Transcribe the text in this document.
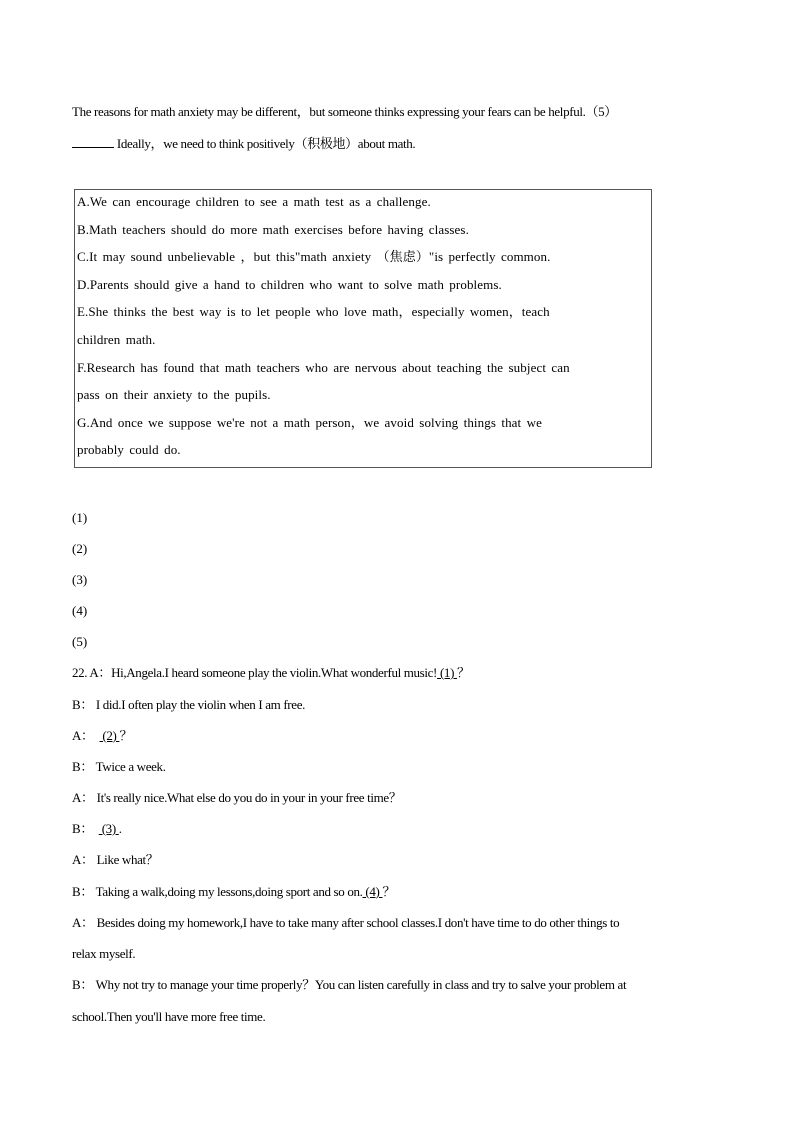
The reasons for math anxiety may be different，but someone thinks expressing your fears can be helpful.（5）
Ideally，we need to think positively（积极地）about math.
A.We can encourage children to see a math test as a challenge.
B.Math teachers should do more math exercises before having classes.
C.It may sound unbelievable ，but this"math anxiety （焦虑）"is perfectly common.
D.Parents should give a hand to children who want to solve math problems.
E.She thinks the best way is to let people who love math，especially women，teach
children math.
F.Research has found that math teachers who are nervous about teaching the subject can
pass on their anxiety to the pupils.
G.And once we suppose we're not a math person，we avoid solving things that we
probably could do.
(1)
(2)
(3)
(4)
(5)
22. A：Hi,Angela.I heard someone play the violin.What wonderful music! (1) ？
B： I did.I often play the violin when I am free.
A：   (2) ？
B： Twice a week.
A： It's really nice.What else do you do in your in your free time？
B：   (3) .
A： Like what？
B： Taking a walk,doing my lessons,doing sport and so on. (4) ？
A： Besides doing my homework,I have to take many after school classes.I don't have time to do other things to
relax myself.
B： Why not try to manage your time properly？You can listen carefully in class and try to salve your problem at
school.Then you'll have more free time.
